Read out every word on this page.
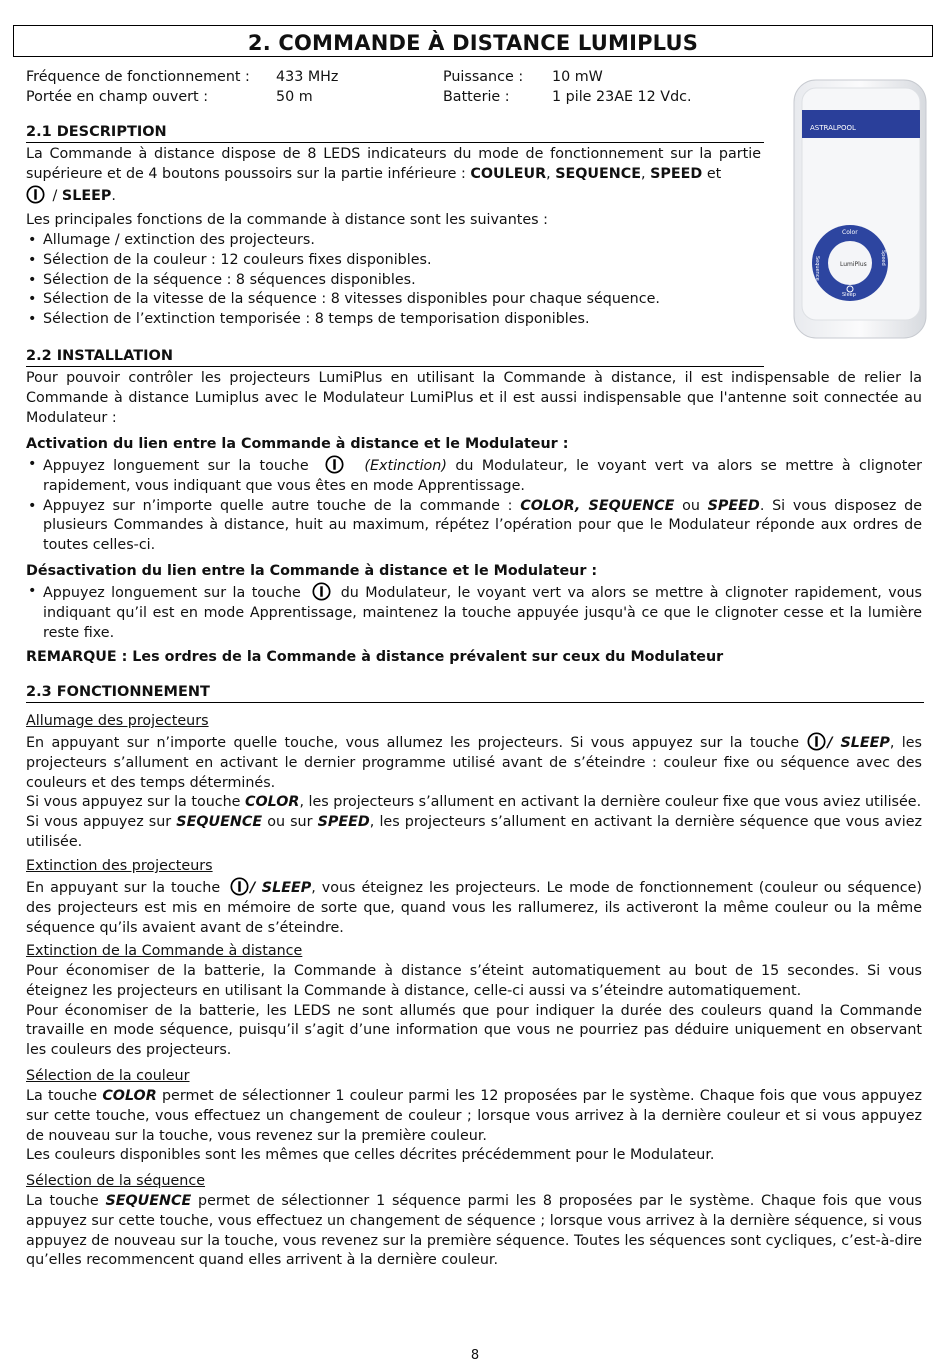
2. COMMANDE À DISTANCE LUMIPLUS
Fréquence de fonctionnement : 433 MHz	Puissance : 10 mW
Portée en champ ouvert :	50 m	Batterie :	1 pile 23AE 12 Vdc.
ASTRALPOOL
LumiPlus
Color
Sequence	Speed
Sleep
2.1 DESCRIPTION
La Commande à distance dispose de 8 LEDS indicateurs du mode de fonctionnement sur la partie supérieure et de 4 boutons poussoirs sur la partie inférieure : COULEUR, SEQUENCE, SPEED et
/ SLEEP.
Les principales fonctions de la commande à distance sont les suivantes :
• Allumage / extinction des projecteurs.
• Sélection de la couleur : 12 couleurs fixes disponibles.
• Sélection de la séquence : 8 séquences disponibles.
• Sélection de la vitesse de la séquence : 8 vitesses disponibles pour chaque séquence.
• Sélection de l’extinction temporisée : 8 temps de temporisation disponibles.
2.2 INSTALLATION
Pour pouvoir contrôler les projecteurs LumiPlus en utilisant la Commande à distance, il est indispensable de relier la Commande à distance Lumiplus avec le Modulateur LumiPlus et il est aussi indispensable que l'antenne soit connectée au Modulateur :
Activation du lien entre la Commande à distance et le Modulateur :
• Appuyez longuement sur la touche	(Extinction) du Modulateur, le voyant vert va alors se mettre à clignoter rapidement, vous indiquant que vous êtes en mode Apprentissage.
• Appuyez sur n’importe quelle autre touche de la commande : COLOR, SEQUENCE ou SPEED. Si vous disposez de plusieurs Commandes à distance, huit au maximum, répétez l’opération pour que le Modulateur réponde aux ordres de toutes celles-ci.
Désactivation du lien entre la Commande à distance et le Modulateur :
• Appuyez longuement sur la touche	du Modulateur, le voyant vert va alors se mettre à clignoter rapidement, vous indiquant qu’il est en mode Apprentissage, maintenez la touche appuyée jusqu'à ce que le clignoter cesse et la lumière reste fixe.
REMARQUE : Les ordres de la Commande à distance prévalent sur ceux du Modulateur
2.3 FONCTIONNEMENT
Allumage des projecteurs

En appuyant sur n’importe quelle touche, vous allumez les projecteurs. Si vous appuyez sur la touche / SLEEP, les projecteurs s’allument en activant le dernier programme utilisé avant de s’éteindre : couleur fixe ou séquence avec des couleurs et des temps déterminés.

Si vous appuyez sur la touche COLOR, les projecteurs s’allument en activant la dernière couleur fixe que vous aviez utilisée.

Si vous appuyez sur SEQUENCE ou sur SPEED, les projecteurs s’allument en activant la dernière séquence que vous aviez utilisée.

Extinction des projecteurs
En appuyant sur la touche / SLEEP, vous éteignez les projecteurs. Le mode de fonctionnement (couleur ou séquence) des projecteurs est mis en mémoire de sorte que, quand vous les rallumerez, ils activeront la même couleur ou la même séquence qu’ils avaient avant de s’éteindre.
Extinction de la Commande à distance

Pour économiser de la batterie, la Commande à distance s’éteint automatiquement au bout de 15 secondes. Si vous éteignez les projecteurs en utilisant la Commande à distance, celle-ci aussi va s’éteindre automatiquement.

Pour économiser de la batterie, les LEDS ne sont allumés que pour indiquer la durée des couleurs quand la Commande travaille en mode séquence, puisqu’il s’agit d’une information que vous ne pourriez pas déduire uniquement en observant les couleurs des projecteurs.

Sélection de la couleur

La touche COLOR permet de sélectionner 1 couleur parmi les 12 proposées par le système. Chaque fois que vous appuyez sur cette touche, vous effectuez un changement de couleur ; lorsque vous arrivez à la dernière couleur et si vous appuyez de nouveau sur la touche, vous revenez sur la première couleur.

Les couleurs disponibles sont les mêmes que celles décrites précédemment pour le Modulateur.

Sélection de la séquence
La touche SEQUENCE permet de sélectionner 1 séquence parmi les 8 proposées par le système. Chaque fois que vous appuyez sur cette touche, vous effectuez un changement de séquence ; lorsque vous arrivez à la dernière séquence, si vous appuyez de nouveau sur la touche, vous revenez sur la première séquence. Toutes les séquences sont cycliques, c’est-à-dire qu’elles recommencent quand elles arrivent à la dernière couleur.
8
